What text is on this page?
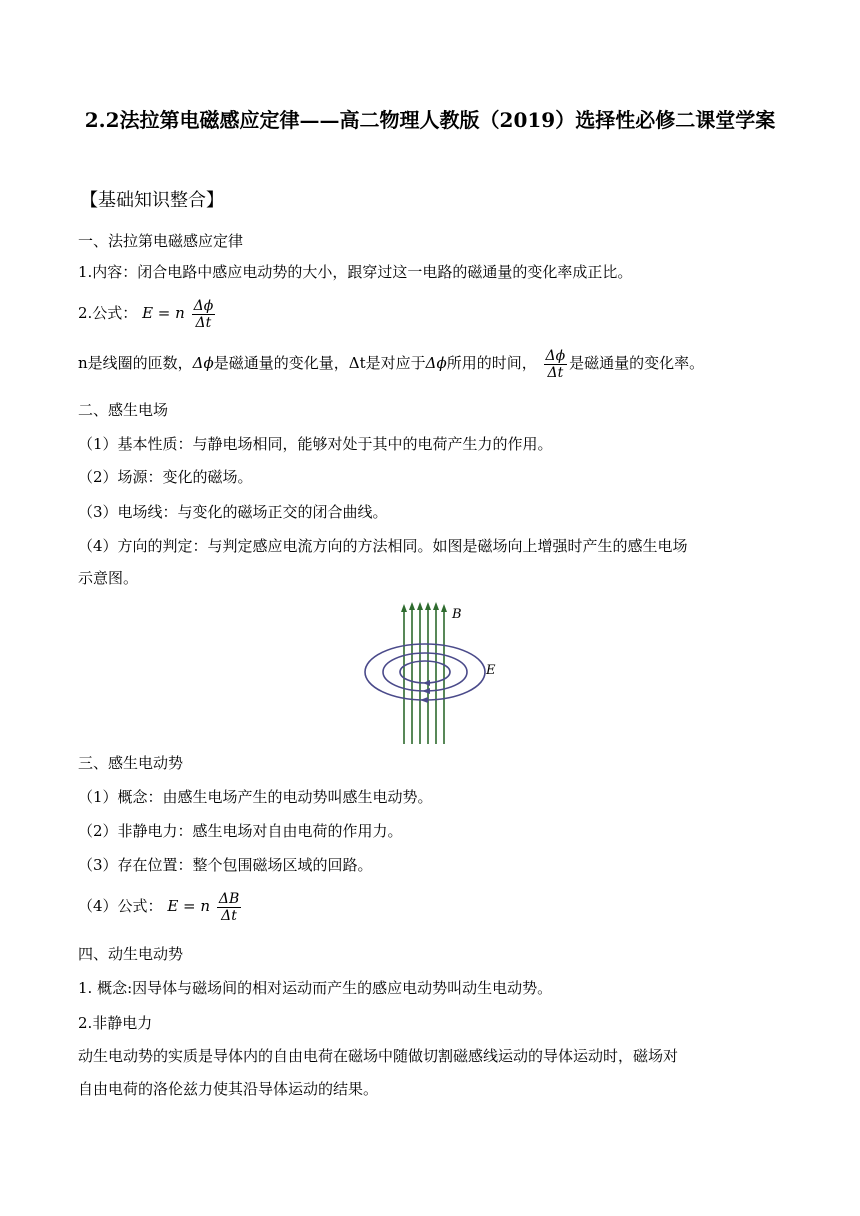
2.2法拉第电磁感应定律——高二物理人教版（2019）选择性必修二课堂学案
【基础知识整合】
一、法拉第电磁感应定律
1.内容：闭合电路中感应电动势的大小，跟穿过这一电路的磁通量的变化率成正比。
2.公式： E = n $\frac{\Delta\phi}{\Delta t}$
n是线圈的匝数，Δϕ是磁通量的变化量，Δt是对应于Δϕ所用的时间， $\frac{\Delta\phi}{\Delta t}$ 是磁通量的变化率。
二、感生电场
（1）基本性质：与静电场相同，能够对处于其中的电荷产生力的作用。
（2）场源：变化的磁场。
（3）电场线：与变化的磁场正交的闭合曲线。
（4）方向的判定：与判定感应电流方向的方法相同。如图是磁场向上增强时产生的感生电场
示意图。
B
E
三、感生电动势
（1）概念：由感生电场产生的电动势叫感生电动势。
（2）非静电力：感生电场对自由电荷的作用力。
（3）存在位置：整个包围磁场区域的回路。
（4）公式： E = n $\frac{\Delta B}{\Delta t}$
四、动生电动势
1. 概念:因导体与磁场间的相对运动而产生的感应电动势叫动生电动势。
2.非静电力
动生电动势的实质是导体内的自由电荷在磁场中随做切割磁感线运动的导体运动时，磁场对
自由电荷的洛伦兹力使其沿导体运动的结果。
